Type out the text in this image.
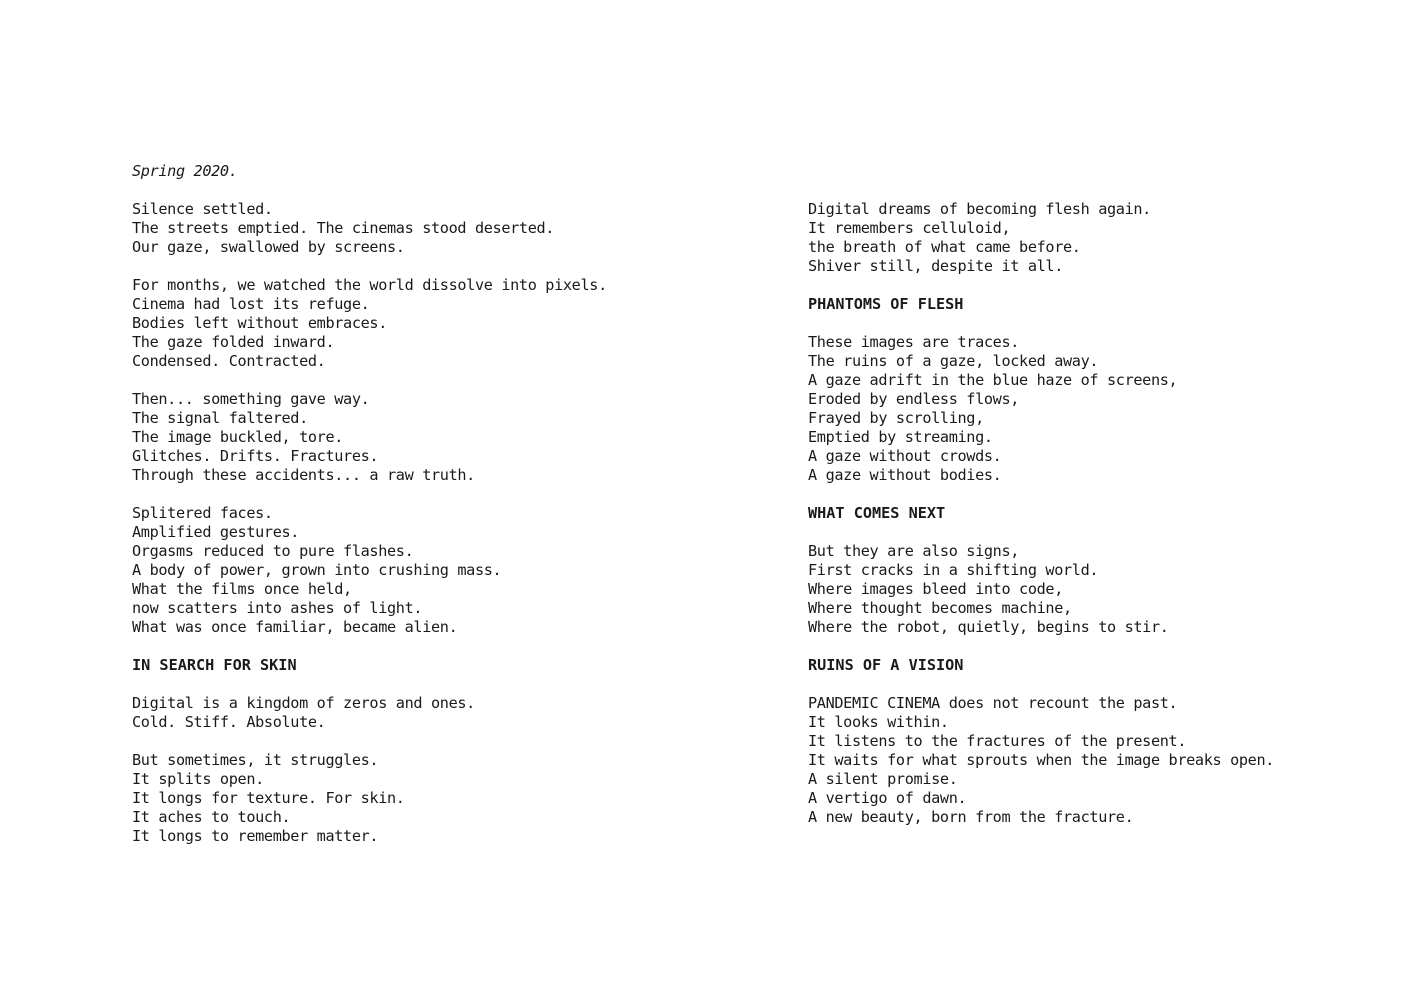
Spring 2020.
Silence settled.
The streets emptied. The cinemas stood deserted.
Our gaze, swallowed by screens.
For months, we watched the world dissolve into pixels.
Cinema had lost its refuge.
Bodies left without embraces.
The gaze folded inward.
Condensed. Contracted.
Then... something gave way.
The signal faltered.
The image buckled, tore.
Glitches. Drifts. Fractures.
Through these accidents... a raw truth.
Splitered faces.
Amplified gestures.
Orgasms reduced to pure flashes.
A body of power, grown into crushing mass.
What the films once held,
now scatters into ashes of light.
What was once familiar, became alien.
IN SEARCH FOR SKIN
Digital is a kingdom of zeros and ones.
Cold. Stiff. Absolute.
But sometimes, it struggles.
It splits open.
It longs for texture. For skin.
It aches to touch.
It longs to remember matter.
Digital dreams of becoming flesh again.
It remembers celluloid,
the breath of what came before.
Shiver still, despite it all.
PHANTOMS OF FLESH
These images are traces.
The ruins of a gaze, locked away.
A gaze adrift in the blue haze of screens,
Eroded by endless flows,
Frayed by scrolling,
Emptied by streaming.
A gaze without crowds.
A gaze without bodies.
WHAT COMES NEXT
But they are also signs,
First cracks in a shifting world.
Where images bleed into code,
Where thought becomes machine,
Where the robot, quietly, begins to stir.
RUINS OF A VISION
PANDEMIC CINEMA does not recount the past.
It looks within.
It listens to the fractures of the present.
It waits for what sprouts when the image breaks open.
A silent promise.
A vertigo of dawn.
A new beauty, born from the fracture.
